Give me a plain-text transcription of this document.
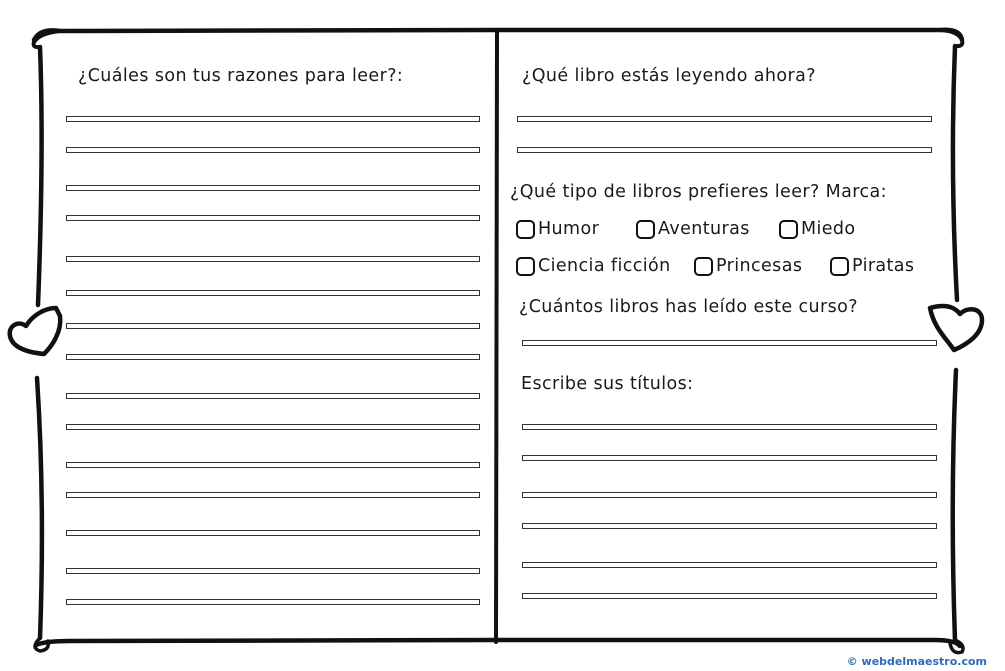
¿Cuáles son tus razones para leer?:	¿Qué libro estás leyendo ahora?
¿Qué tipo de libros prefieres leer? Marca:
Humor	Aventuras	Miedo
Ciencia ficción	Princesas	Piratas
¿Cuántos libros has leído este curso?
Escribe sus títulos:
© webdelmaestro.com
